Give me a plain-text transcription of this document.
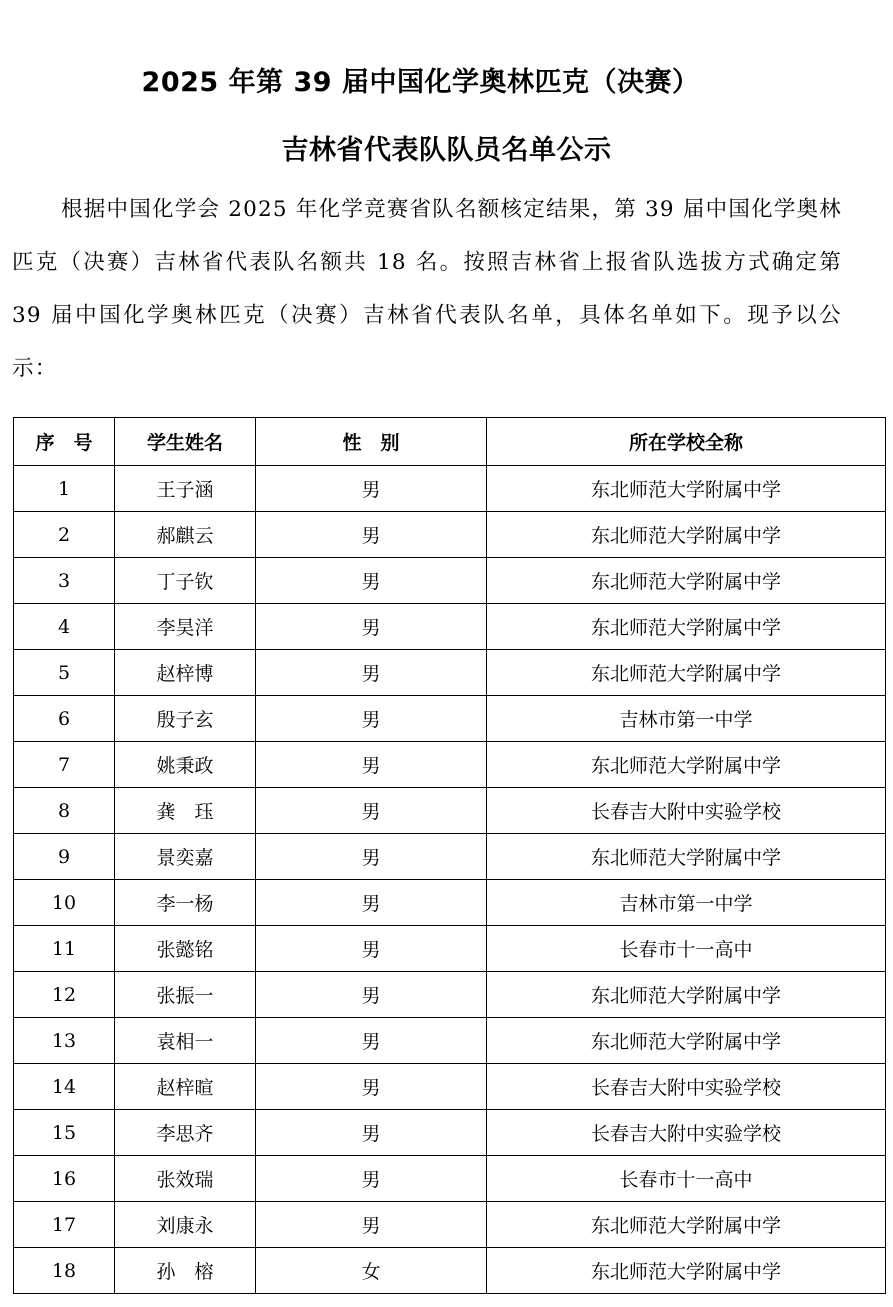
2025 年第 39 届中国化学奥林匹克（决赛）
吉林省代表队队员名单公示

根据中国化学会 2025 年化学竞赛省队名额核定结果，第 39 届中国化学奥林匹克（决赛）吉林省代表队名额共 18 名。按照吉林省上报省队选拔方式确定第 39 届中国化学奥林匹克（决赛）吉林省代表队名单，具体名单如下。现予以公示：

序　号	学生姓名	性　别	所在学校全称
1	王子涵	男	东北师范大学附属中学
2	郝麒云	男	东北师范大学附属中学
3	丁子钦	男	东北师范大学附属中学
4	李昊洋	男	东北师范大学附属中学
5	赵梓博	男	东北师范大学附属中学
6	殷子玄	男	吉林市第一中学
7	姚秉政	男	东北师范大学附属中学
8	龚　珏	男	长春吉大附中实验学校
9	景奕嘉	男	东北师范大学附属中学
10	李一杨	男	吉林市第一中学
11	张懿铭	男	长春市十一高中
12	张振一	男	东北师范大学附属中学
13	袁相一	男	东北师范大学附属中学
14	赵梓暄	男	长春吉大附中实验学校
15	李思齐	男	长春吉大附中实验学校
16	张效瑞	男	长春市十一高中
17	刘康永	男	东北师范大学附属中学
18	孙　榕	女	东北师范大学附属中学
